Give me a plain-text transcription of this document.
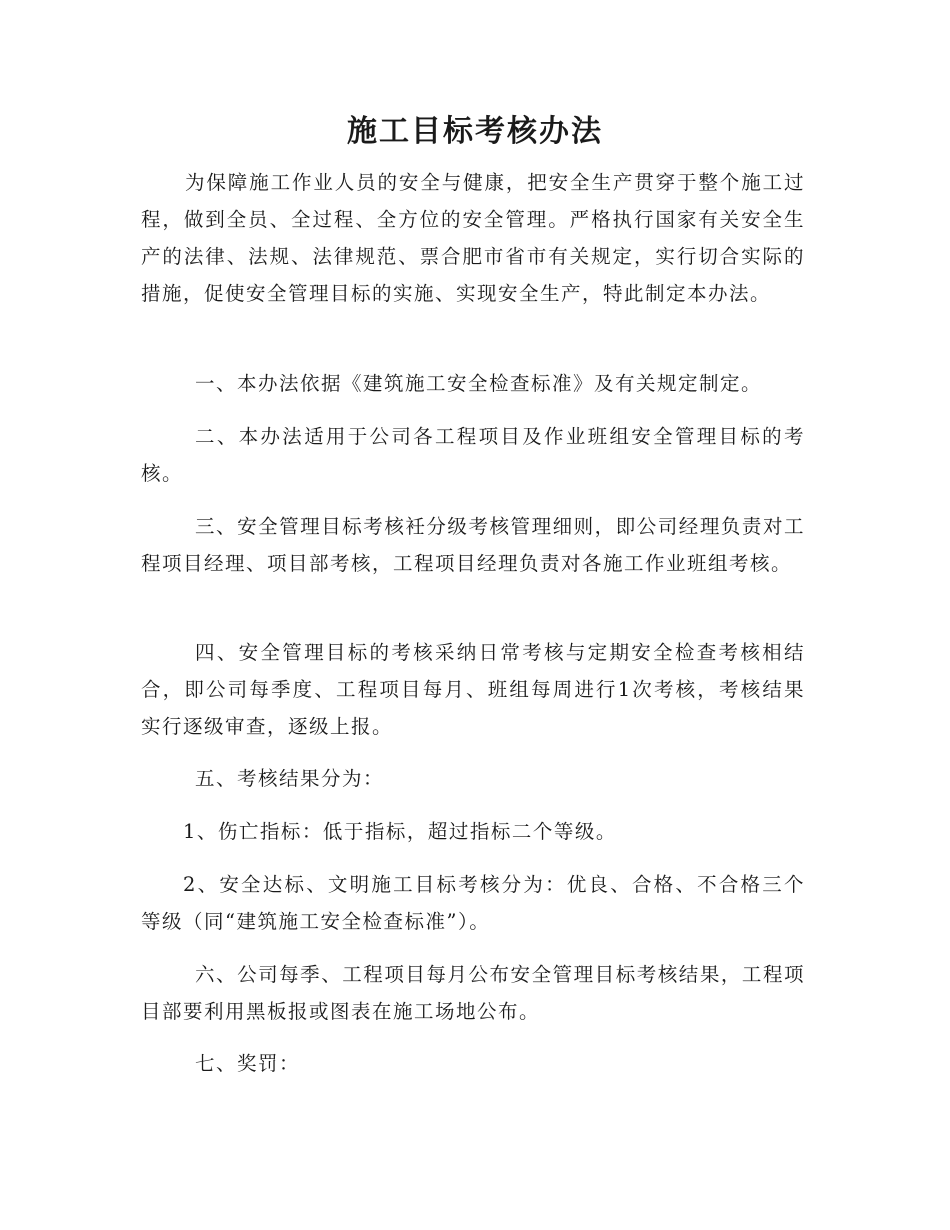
施工目标考核办法

为保障施工作业人员的安全与健康，把安全生产贯穿于整个施工过程，做到全员、全过程、全方位的安全管理。严格执行国家有关安全生产的法律、法规、法律规范、票合肥市省市有关规定，实行切合实际的措施，促使安全管理目标的实施、实现安全生产，特此制定本办法。

一、本办法依据《建筑施工安全检查标准》及有关规定制定。

二、本办法适用于公司各工程项目及作业班组安全管理目标的考核。

三、安全管理目标考核衽分级考核管理细则，即公司经理负责对工程项目经理、项目部考核，工程项目经理负责对各施工作业班组考核。

四、安全管理目标的考核采纳日常考核与定期安全检查考核相结合，即公司每季度、工程项目每月、班组每周进行1次考核，考核结果实行逐级审查，逐级上报。

五、考核结果分为：

1、伤亡指标：低于指标，超过指标二个等级。

2、安全达标、文明施工目标考核分为：优良、合格、不合格三个等级（同“建筑施工安全检查标准”）。

六、公司每季、工程项目每月公布安全管理目标考核结果，工程项目部要利用黑板报或图表在施工场地公布。

七、奖罚：
